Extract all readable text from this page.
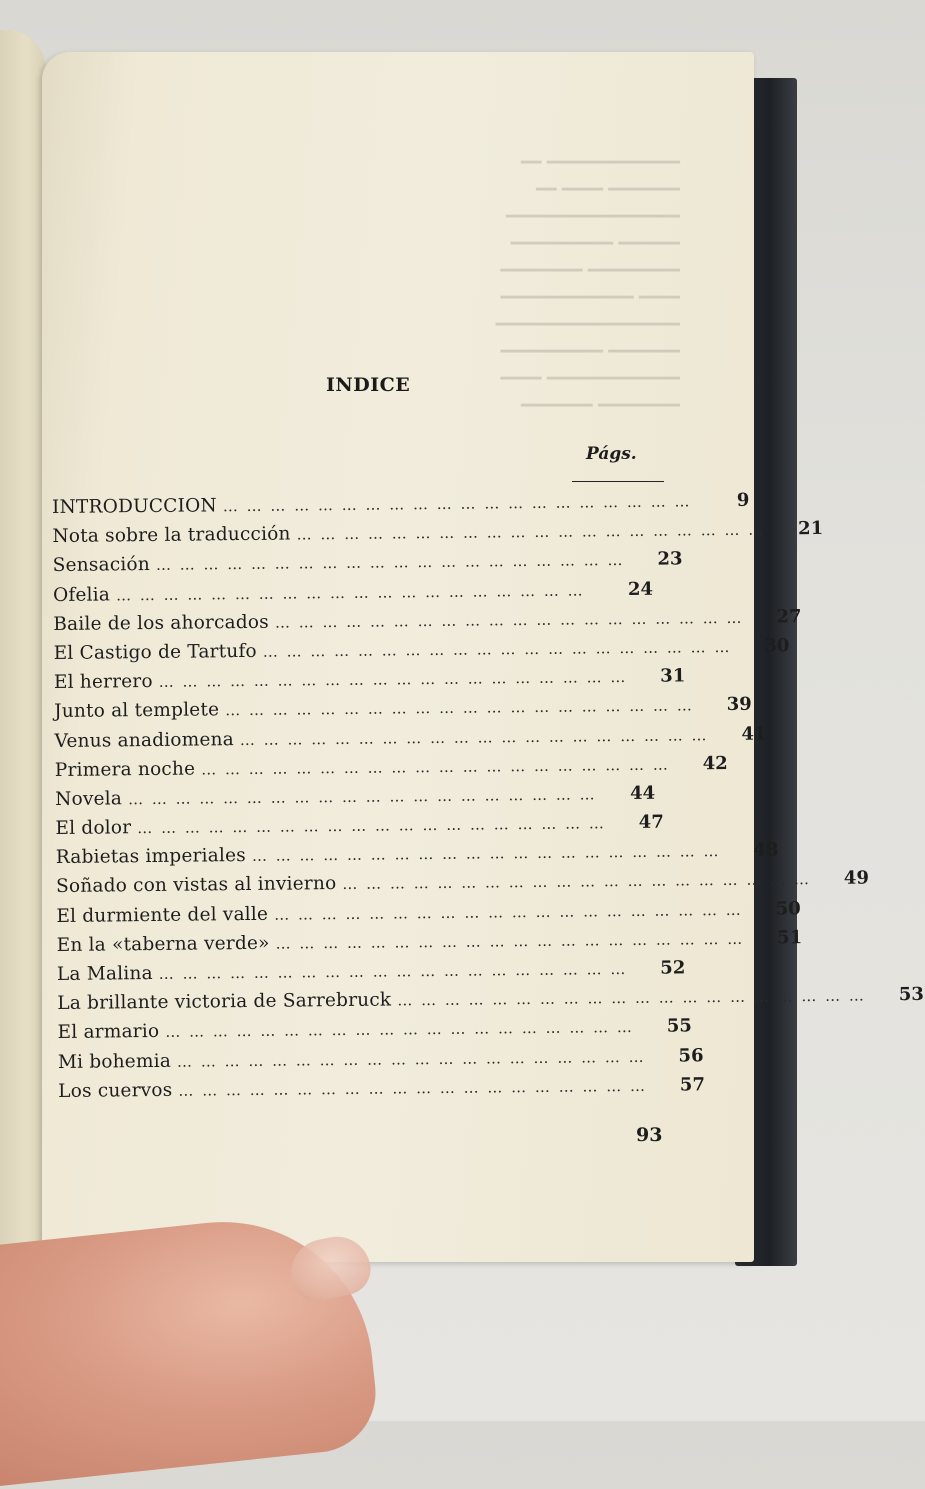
INDICE
Págs.
INTRODUCCION … … … … … … … … … … … … … … … … … … … …	9
Nota sobre la traducción … … … … … … … … … … … … … … … … … … … …	21
Sensación … … … … … … … … … … … … … … … … … … … …	23
Ofelia … … … … … … … … … … … … … … … … … … … …	24
Baile de los ahorcados … … … … … … … … … … … … … … … … … … … …	27
El Castigo de Tartufo … … … … … … … … … … … … … … … … … … … …	30
El herrero … … … … … … … … … … … … … … … … … … … …	31
Junto al templete … … … … … … … … … … … … … … … … … … … …	39
Venus anadiomena … … … … … … … … … … … … … … … … … … … …	41
Primera noche … … … … … … … … … … … … … … … … … … … …	42
Novela … … … … … … … … … … … … … … … … … … … …	44
El dolor … … … … … … … … … … … … … … … … … … … …	47
Rabietas imperiales … … … … … … … … … … … … … … … … … … … …	48
Soñado con vistas al invierno … … … … … … … … … … … … … … … … … … … …	49
El durmiente del valle … … … … … … … … … … … … … … … … … … … …	50
En la «taberna verde» … … … … … … … … … … … … … … … … … … … …	51
La Malina … … … … … … … … … … … … … … … … … … … …	52
La brillante victoria de Sarrebruck … … … … … … … … … … … … … … … … … … … …	53
El armario … … … … … … … … … … … … … … … … … … … …	55
Mi bohemia … … … … … … … … … … … … … … … … … … … …	56
Los cuervos … … … … … … … … … … … … … … … … … … … …	57
93
